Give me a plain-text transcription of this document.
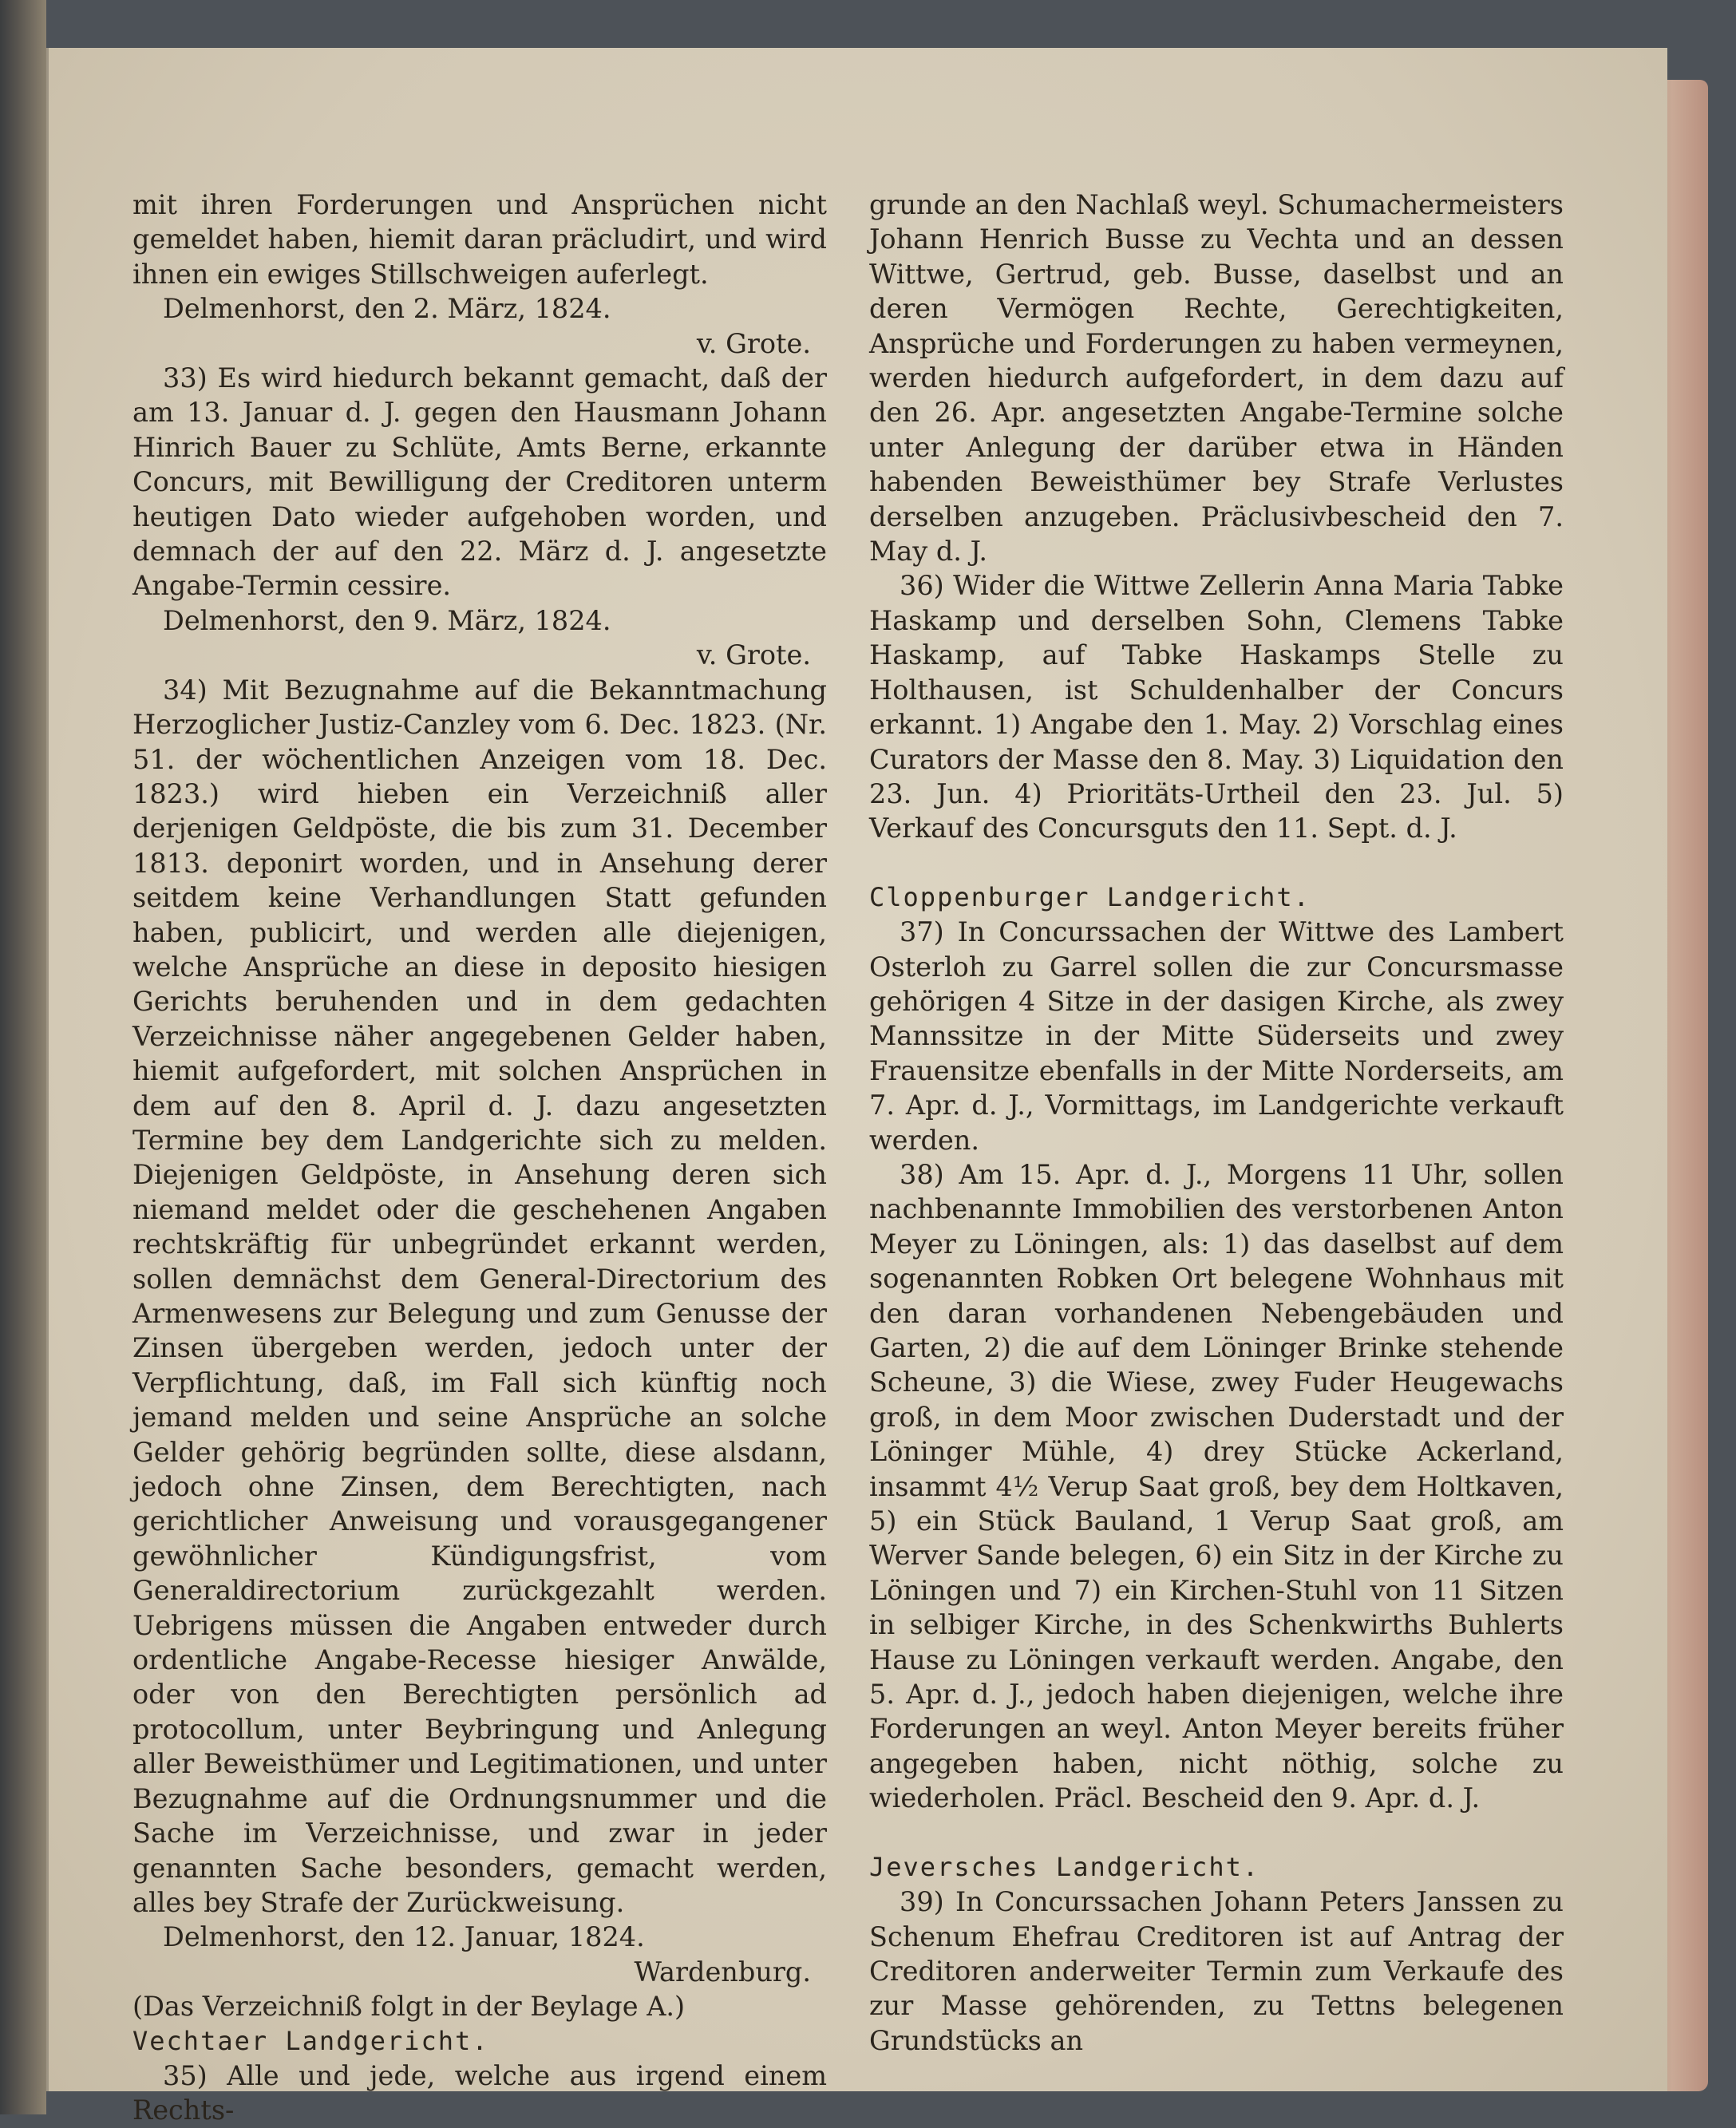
mit ihren Forderungen und Ansprüchen nicht gemeldet haben, hiemit daran präcludirt, und wird ihnen ein ewiges Stillschweigen auferlegt.

Delmenhorst, den 2. März, 1824.

v. Grote.

33) Es wird hiedurch bekannt gemacht, daß der am 13. Januar d. J. gegen den Hausmann Johann Hinrich Bauer zu Schlüte, Amts Berne, erkannte Concurs, mit Bewilligung der Creditoren unterm heutigen Dato wieder aufgehoben worden, und demnach der auf den 22. März d. J. angesetzte Angabe-Termin cessire.

Delmenhorst, den 9. März, 1824.

v. Grote.

34) Mit Bezugnahme auf die Bekanntmachung Herzoglicher Justiz-Canzley vom 6. Dec. 1823. (Nr. 51. der wöchentlichen Anzeigen vom 18. Dec. 1823.) wird hieben ein Verzeichniß aller derjenigen Geldpöste, die bis zum 31. December 1813. deponirt worden, und in Ansehung derer seitdem keine Verhandlungen Statt gefunden haben, publicirt, und werden alle diejenigen, welche Ansprüche an diese in deposito hiesigen Gerichts beruhenden und in dem gedachten Verzeichnisse näher angegebenen Gelder haben, hiemit aufgefordert, mit solchen Ansprüchen in dem auf den 8. April d. J. dazu angesetzten Termine bey dem Landgerichte sich zu melden. Diejenigen Geldpöste, in Ansehung deren sich niemand meldet oder die geschehenen Angaben rechtskräftig für unbegründet erkannt werden, sollen demnächst dem General-Directorium des Armenwesens zur Belegung und zum Genusse der Zinsen übergeben werden, jedoch unter der Verpflichtung, daß, im Fall sich künftig noch jemand melden und seine Ansprüche an solche Gelder gehörig begründen sollte, diese alsdann, jedoch ohne Zinsen, dem Berechtigten, nach gerichtlicher Anweisung und vorausgegangener gewöhnlicher Kündigungsfrist, vom Generaldirectorium zurückgezahlt werden. Uebrigens müssen die Angaben entweder durch ordentliche Angabe-Recesse hiesiger Anwälde, oder von den Berechtigten persönlich ad protocollum, unter Beybringung und Anlegung aller Beweisthümer und Legitimationen, und unter Bezugnahme auf die Ordnungsnummer und die Sache im Verzeichnisse, und zwar in jeder genannten Sache besonders, gemacht werden, alles bey Strafe der Zurückweisung.

Delmenhorst, den 12. Januar, 1824.

Wardenburg.

(Das Verzeichniß folgt in der Beylage A.)

Vechtaer Landgericht.

35) Alle und jede, welche aus irgend einem Rechts-

grunde an den Nachlaß weyl. Schumachermeisters Johann Henrich Busse zu Vechta und an dessen Wittwe, Gertrud, geb. Busse, daselbst und an deren Vermögen Rechte, Gerechtigkeiten, Ansprüche und Forderungen zu haben vermeynen, werden hiedurch aufgefordert, in dem dazu auf den 26. Apr. angesetzten Angabe-Termine solche unter Anlegung der darüber etwa in Händen habenden Beweisthümer bey Strafe Verlustes derselben anzugeben. Präclusivbescheid den 7. May d. J.

36) Wider die Wittwe Zellerin Anna Maria Tabke Haskamp und derselben Sohn, Clemens Tabke Haskamp, auf Tabke Haskamps Stelle zu Holthausen, ist Schuldenhalber der Concurs erkannt. 1) Angabe den 1. May. 2) Vorschlag eines Curators der Masse den 8. May. 3) Liquidation den 23. Jun. 4) Prioritäts-Urtheil den 23. Jul. 5) Verkauf des Concursguts den 11. Sept. d. J.

Cloppenburger Landgericht.

37) In Concurssachen der Wittwe des Lambert Osterloh zu Garrel sollen die zur Concursmasse gehörigen 4 Sitze in der dasigen Kirche, als zwey Mannssitze in der Mitte Süderseits und zwey Frauensitze ebenfalls in der Mitte Norderseits, am 7. Apr. d. J., Vormittags, im Landgerichte verkauft werden.

38) Am 15. Apr. d. J., Morgens 11 Uhr, sollen nachbenannte Immobilien des verstorbenen Anton Meyer zu Löningen, als: 1) das daselbst auf dem sogenannten Robken Ort belegene Wohnhaus mit den daran vorhandenen Nebengebäuden und Garten, 2) die auf dem Löninger Brinke stehende Scheune, 3) die Wiese, zwey Fuder Heugewachs groß, in dem Moor zwischen Duderstadt und der Löninger Mühle, 4) drey Stücke Ackerland, insammt 4½ Verup Saat groß, bey dem Holtkaven, 5) ein Stück Bauland, 1 Verup Saat groß, am Werver Sande belegen, 6) ein Sitz in der Kirche zu Löningen und 7) ein Kirchen-Stuhl von 11 Sitzen in selbiger Kirche, in des Schenkwirths Buhlerts Hause zu Löningen verkauft werden. Angabe, den 5. Apr. d. J., jedoch haben diejenigen, welche ihre Forderungen an weyl. Anton Meyer bereits früher angegeben haben, nicht nöthig, solche zu wiederholen. Präcl. Bescheid den 9. Apr. d. J.

Jeversches Landgericht.

39) In Concurssachen Johann Peters Janssen zu Schenum Ehefrau Creditoren ist auf Antrag der Creditoren anderweiter Termin zum Verkaufe des zur Masse gehörenden, zu Tettns belegenen Grundstücks an
